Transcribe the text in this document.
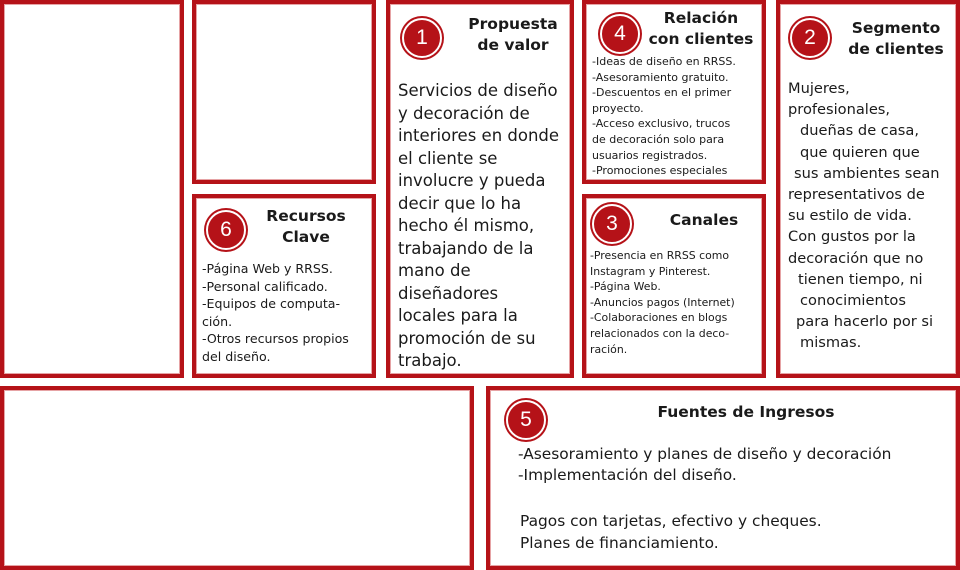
1
Propuesta
de valor
Servicios de diseño
y decoración de
interiores en donde
el cliente se
involucre y pueda
decir que lo ha
hecho él mismo,
trabajando de la
mano de
diseñadores
locales para la
promoción de su
trabajo.
4
Relación
con clientes
-Ideas de diseño en RRSS.
-Asesoramiento gratuito.
-Descuentos en el primer
proyecto.
-Acceso exclusivo, trucos
de decoración solo para
usuarios registrados.
-Promociones especiales
2	Segmento
de clientes
Mujeres,
profesionales,
dueñas de casa,
que quieren que
sus ambientes sean
representativos de
su estilo de vida.
Con gustos por la
decoración que no
tienen tiempo, ni
conocimientos
para hacerlo por si
mismas.
6
Recursos
Clave
-Página Web y RRSS.
-Personal calificado.
-Equipos de computa-
ción.
-Otros recursos propios
del diseño.
3	Canales
-Presencia en RRSS como
Instagram y Pinterest.
-Página Web.
-Anuncios pagos (Internet)
-Colaboraciones en blogs
relacionados con la deco-
ración.
5	Fuentes de Ingresos
-Asesoramiento y planes de diseño y decoración
-Implementación del diseño.
Pagos con tarjetas, efectivo y cheques.
Planes de financiamiento.
